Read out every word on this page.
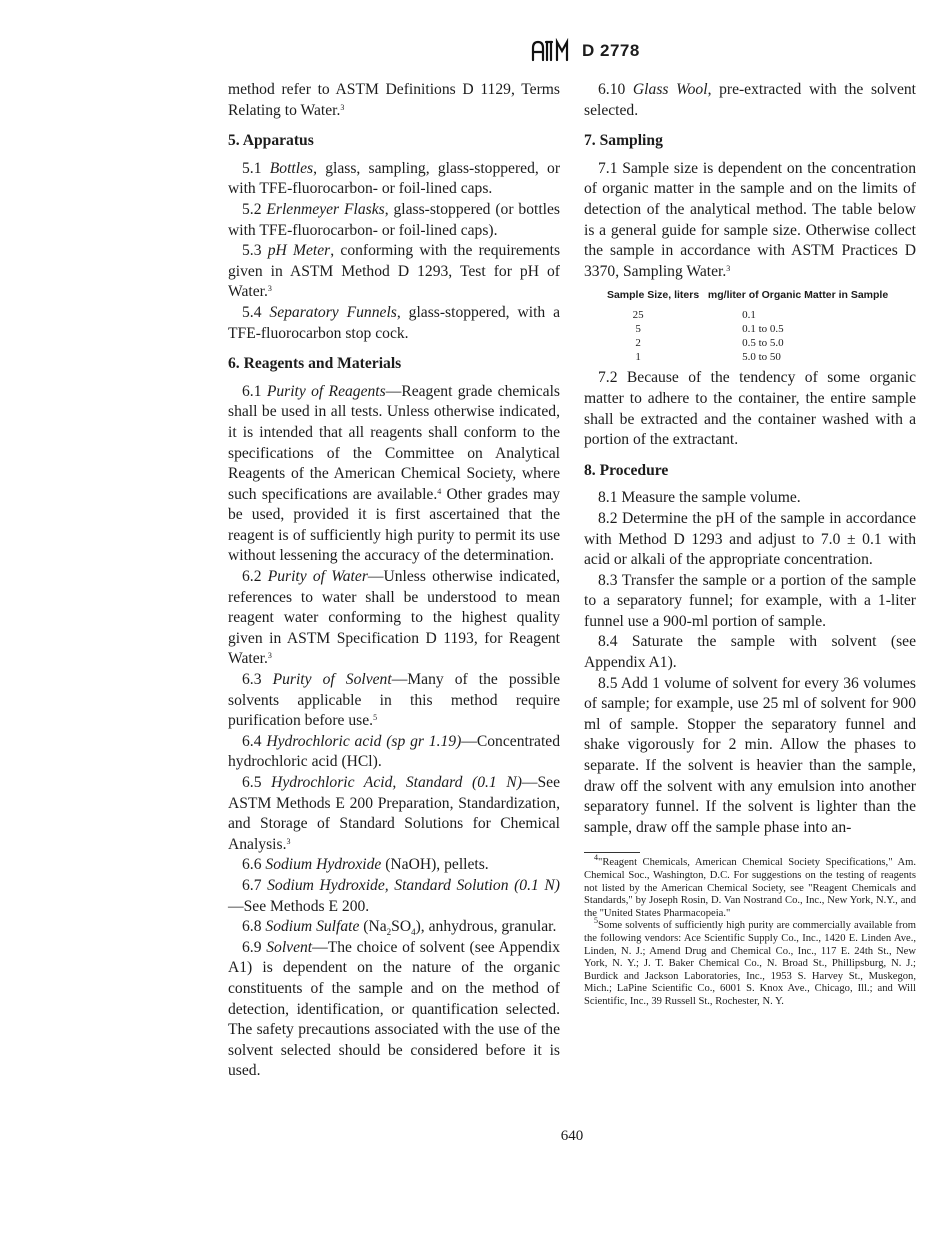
D 2778

method refer to ASTM Definitions D 1129, Terms Relating to Water.$^3$

5. Apparatus

5.1 Bottles, glass, sampling, glass-stoppered, or with TFE-fluorocarbon- or foil-lined caps.

5.2 Erlenmeyer Flasks, glass-stoppered (or bottles with TFE-fluorocarbon- or foil-lined caps).

5.3 pH Meter, conforming with the requirements given in ASTM Method D 1293, Test for pH of Water.$^3$

5.4 Separatory Funnels, glass-stoppered, with a TFE-fluorocarbon stop cock.

6. Reagents and Materials

6.1 Purity of Reagents—Reagent grade chemicals shall be used in all tests. Unless otherwise indicated, it is intended that all reagents shall conform to the specifications of the Committee on Analytical Reagents of the American Chemical Society, where such specifications are available.$^4$ Other grades may be used, provided it is first ascertained that the reagent is of sufficiently high purity to permit its use without lessening the accuracy of the determination.

6.2 Purity of Water—Unless otherwise indicated, references to water shall be understood to mean reagent water conforming to the highest quality given in ASTM Specification D 1193, for Reagent Water.$^3$

6.3 Purity of Solvent—Many of the possible solvents applicable in this method require purification before use.$^5$

6.4 Hydrochloric acid (sp gr 1.19)—Concentrated hydrochloric acid (HCl).

6.5 Hydrochloric Acid, Standard (0.1 N)—See ASTM Methods E 200 Preparation, Standardization, and Storage of Standard Solutions for Chemical Analysis.$^3$

6.6 Sodium Hydroxide (NaOH), pellets.

6.7 Sodium Hydroxide, Standard Solution (0.1 N)—See Methods E 200.

6.8 Sodium Sulfate $(Na_2SO_4)$, anhydrous, granular.

6.9 Solvent—The choice of solvent (see Appendix A1) is dependent on the nature of the organic constituents of the sample and on the method of detection, identification, or quantification selected. The safety precautions associated with the use of the solvent selected should be considered before it is used.

6.10 Glass Wool, pre-extracted with the solvent selected.

7. Sampling

7.1 Sample size is dependent on the concentration of organic matter in the sample and on the limits of detection of the analytical method. The table below is a general guide for sample size. Otherwise collect the sample in accordance with ASTM Practices D 3370, Sampling Water.$^3$

Sample Size, liters	mg/liter of Organic Matter in Sample
25	0.1
5	0.1 to 0.5
2	0.5 to 5.0
1	5.0 to 50

7.2 Because of the tendency of some organic matter to adhere to the container, the entire sample shall be extracted and the container washed with a portion of the extractant.

8. Procedure

8.1 Measure the sample volume.

8.2 Determine the pH of the sample in accordance with Method D 1293 and adjust to 7.0 ± 0.1 with acid or alkali of the appropriate concentration.

8.3 Transfer the sample or a portion of the sample to a separatory funnel; for example, with a 1-liter funnel use a 900-ml portion of sample.

8.4 Saturate the sample with solvent (see Appendix A1).

8.5 Add 1 volume of solvent for every 36 volumes of sample; for example, use 25 ml of solvent for 900 ml of sample. Stopper the separatory funnel and shake vigorously for 2 min. Allow the phases to separate. If the solvent is heavier than the sample, draw off the solvent with any emulsion into another separatory funnel. If the solvent is lighter than the sample, draw off the sample phase into an-

$^4$"Reagent Chemicals, American Chemical Society Specifications," Am. Chemical Soc., Washington, D.C. For suggestions on the testing of reagents not listed by the American Chemical Society, see "Reagent Chemicals and Standards," by Joseph Rosin, D. Van Nostrand Co., Inc., New York, N.Y., and the "United States Pharmacopeia."

$^5$Some solvents of sufficiently high purity are commercially available from the following vendors: Ace Scientific Supply Co., Inc., 1420 E. Linden Ave., Linden, N. J.; Amend Drug and Chemical Co., Inc., 117 E. 24th St., New York, N. Y.; J. T. Baker Chemical Co., N. Broad St., Phillipsburg, N. J.; Burdick and Jackson Laboratories, Inc., 1953 S. Harvey St., Muskegon, Mich.; LaPine Scientific Co., 6001 S. Knox Ave., Chicago, Ill.; and Will Scientific, Inc., 39 Russell St., Rochester, N. Y.

640
